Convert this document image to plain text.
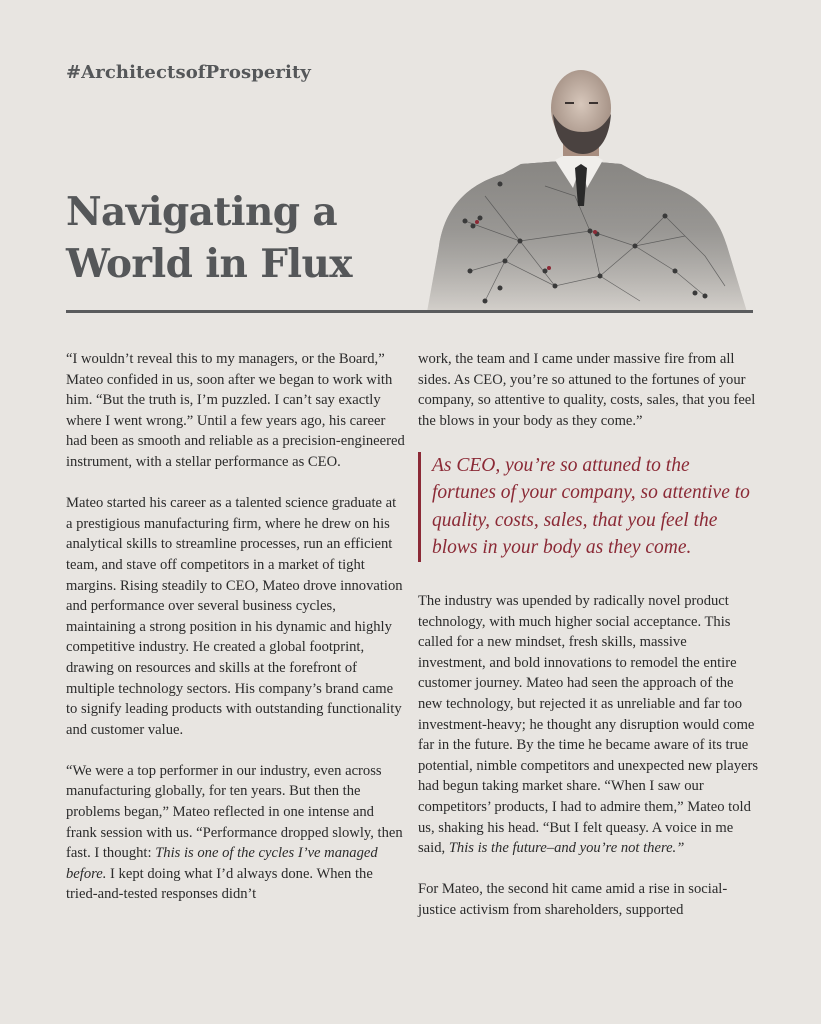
#ArchitectsofProsperity
Navigating a
World in Flux

“I wouldn’t reveal this to my managers, or the Board,” Mateo confided in us, soon after we began to work with him. “But the truth is, I’m puzzled. I can’t say exactly where I went wrong.” Until a few years ago, his career had been as smooth and reliable as a precision-engineered instrument, with a stellar performance as CEO.

Mateo started his career as a talented science graduate at a prestigious manufacturing firm, where he drew on his analytical skills to streamline processes, run an efficient team, and stave off competitors in a market of tight margins. Rising steadily to CEO, Mateo drove innovation and performance over several business cycles, maintaining a strong position in his dynamic and highly competitive industry. He created a global footprint, drawing on resources and skills at the forefront of multiple technology sectors. His company’s brand came to signify leading products with outstanding functionality and customer value.

“We were a top performer in our industry, even across manufacturing globally, for ten years. But then the problems began,” Mateo reflected in one intense and frank session with us. “Performance dropped slowly, then fast. I thought: This is one of the cycles I’ve managed before. I kept doing what I’d always done. When the tried-and-tested responses didn’t

work, the team and I came under massive fire from all sides. As CEO, you’re so attuned to the fortunes of your company, so attentive to quality, costs, sales, that you feel the blows in your body as they come.”

As CEO, you’re so attuned to the fortunes of your company, so attentive to quality, costs, sales, that you feel the blows in your body as they come.

The industry was upended by radically novel product technology, with much higher social acceptance. This called for a new mindset, fresh skills, massive investment, and bold innovations to remodel the entire customer journey. Mateo had seen the approach of the new technology, but rejected it as unreliable and far too investment-heavy; he thought any disruption would come far in the future. By the time he became aware of its true potential, nimble competitors and unexpected new players had begun taking market share. “When I saw our competitors’ products, I had to admire them,” Mateo told us, shaking his head. “But I felt queasy. A voice in me said, This is the future–and you’re not there.”

For Mateo, the second hit came amid a rise in social-justice activism from shareholders, supported
